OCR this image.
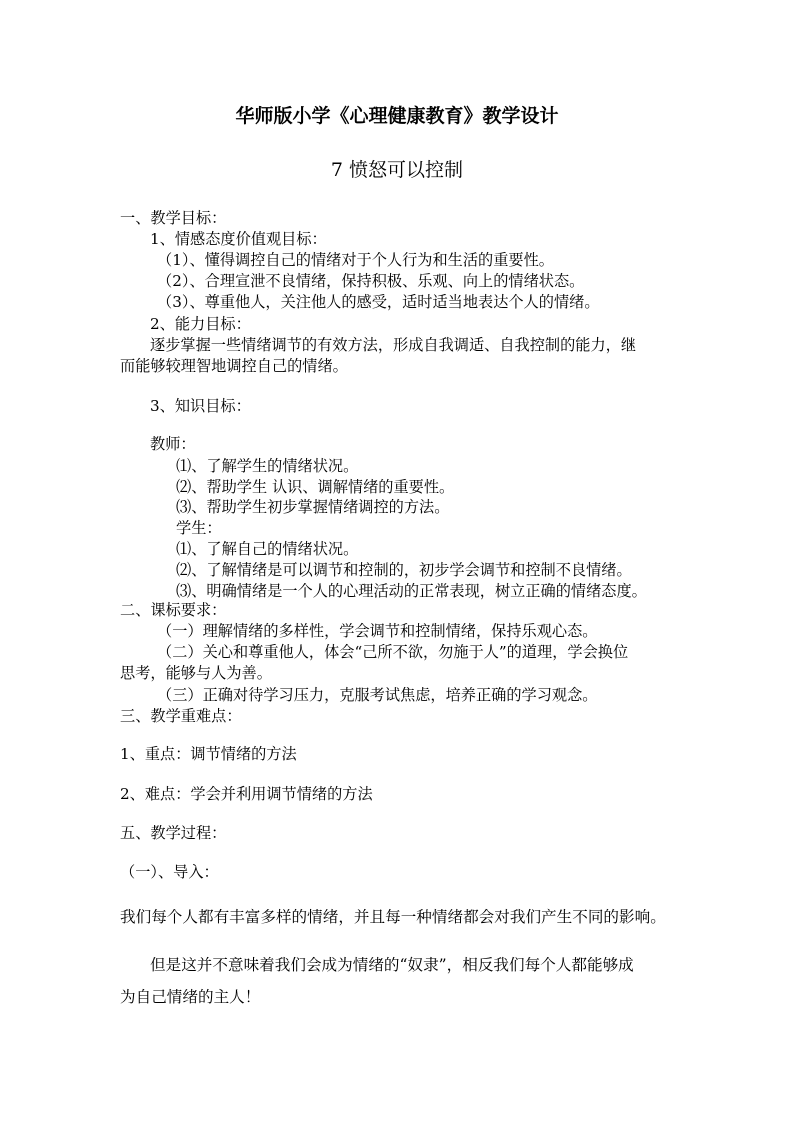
华师版小学《心理健康教育》教学设计
7 愤怒可以控制
一、教学目标：
1、情感态度价值观目标：
（1）、懂得调控自己的情绪对于个人行为和生活的重要性。
（2）、合理宣泄不良情绪，保持积极、乐观、向上的情绪状态。
（3）、尊重他人，关注他人的感受，适时适当地表达个人的情绪。
2、能力目标：
逐步掌握一些情绪调节的有效方法，形成自我调适、自我控制的能力，继
而能够较理智地调控自己的情绪。
3、知识目标：
教师：
⑴、了解学生的情绪状况。
⑵、帮助学生 认识、调解情绪的重要性。
⑶、帮助学生初步掌握情绪调控的方法。
学生：
⑴、了解自己的情绪状况。
⑵、了解情绪是可以调节和控制的，初步学会调节和控制不良情绪。
⑶、明确情绪是一个人的心理活动的正常表现，树立正确的情绪态度。
二、课标要求：
（一）理解情绪的多样性，学会调节和控制情绪，保持乐观心态。
（二）关心和尊重他人，体会“己所不欲，勿施于人”的道理，学会换位
思考，能够与人为善。
（三）正确对待学习压力，克服考试焦虑，培养正确的学习观念。
三、教学重难点：
1、重点：调节情绪的方法
2、难点：学会并利用调节情绪的方法
五、教学过程：
（一）、导入：
我们每个人都有丰富多样的情绪，并且每一种情绪都会对我们产生不同的影响。
但是这并不意味着我们会成为情绪的“奴隶”，相反我们每个人都能够成
为自己情绪的主人！
